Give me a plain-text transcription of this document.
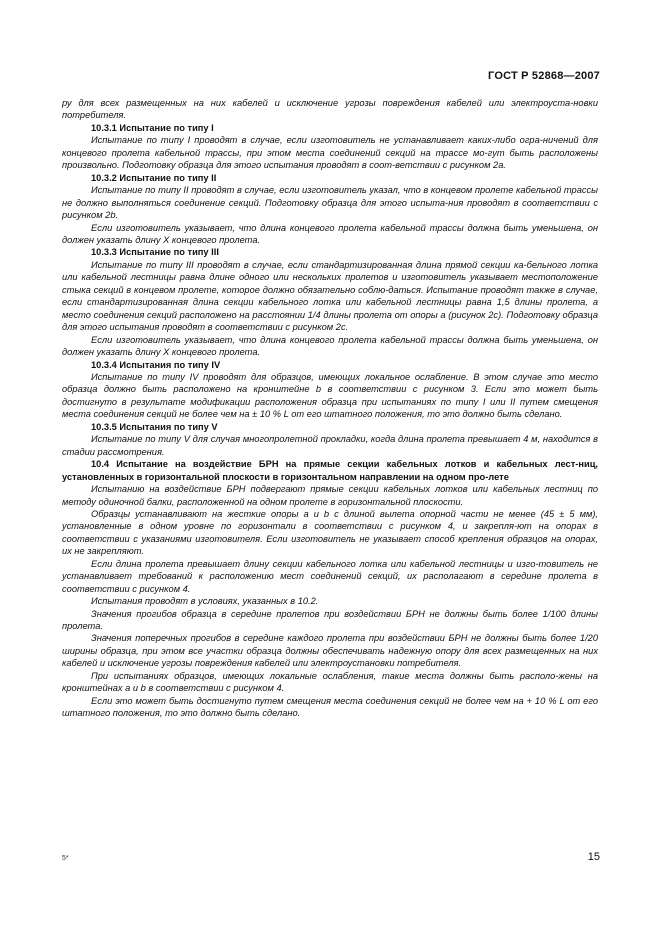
ГОСТ Р 52868—2007

ру для всех размещенных на них кабелей и исключение угрозы повреждения кабелей или электроуста-новки потребителя.

10.3.1 Испытание по типу I

Испытание по типу I проводят в случае, если изготовитель не устанавливает каких-либо огра-ничений для концевого пролета кабельной трассы, при этом места соединений секций на трассе мо-гут быть расположены произвольно. Подготовку образца для этого испытания проводят в соот-ветствии с рисунком 2а.

10.3.2 Испытание по типу II

Испытание по типу II проводят в случае, если изготовитель указал, что в концевом пролете кабельной трассы не должно выполняться соединение секций. Подготовку образца для этого испыта-ния проводят в соответствии с рисунком 2b.

Если изготовитель указывает, что длина концевого пролета кабельной трассы должна быть уменьшена, он должен указать длину X концевого пролета.

10.3.3 Испытание по типу III

Испытание по типу III проводят в случае, если стандартизированная длина прямой секции ка-бельного лотка или кабельной лестницы равна длине одного или нескольких пролетов и изготовитель указывает местоположение стыка секций в концевом пролете, которое должно обязательно соблю-даться. Испытание проводят также в случае, если стандартизированная длина секции кабельного лотка или кабельной лестницы равна 1,5 длины пролета, а место соединения секций расположено на расстоянии 1/4 длины пролета от опоры a (рисунок 2c). Подготовку образца для этого испытания проводят в соответствии с рисунком 2c.

Если изготовитель указывает, что длина концевого пролета кабельной трассы должна быть уменьшена, он должен указать длину X концевого пролета.

10.3.4 Испытания по типу IV

Испытание по типу IV проводят для образцов, имеющих локальное ослабление. В этом случае это место образца должно быть расположено на кронштейне b в соответствии с рисунком 3. Если это может быть достигнуто в результате модификации расположения образца при испытаниях по типу I или II путем смещения места соединения секций не более чем на ± 10 % L от его штатного положения, то это должно быть сделано.

10.3.5 Испытания по типу V

Испытание по типу V для случая многопролетной прокладки, когда длина пролета превышает 4 м, находится в стадии рассмотрения.

10.4 Испытание на воздействие БРН на прямые секции кабельных лотков и кабельных лест-ниц, установленных в горизонтальной плоскости в горизонтальном направлении на одном про-лете

Испытанию на воздействие БРН подвергают прямые секции кабельных лотков или кабельных лестниц по методу одиночной балки, расположенной на одном пролете в горизонтальной плоскости.

Образцы устанавливают на жесткие опоры a и b с длиной вылета опорной части не менее (45 ± 5 мм), установленные в одном уровне по горизонтали в соответствии с рисунком 4, и закрепля-ют на опорах в соответствии с указаниями изготовителя. Если изготовитель не указывает способ крепления образцов на опорах, их не закрепляют.

Если длина пролета превышает длину секции кабельного лотка или кабельной лестницы и изго-товитель не устанавливает требований к расположению мест соединений секций, их располагают в середине пролета в соответствии с рисунком 4.

Испытания проводят в условиях, указанных в 10.2.

Значения прогибов образца в середине пролетов при воздействии БРН не должны быть более 1/100 длины пролета.

Значения поперечных прогибов в середине каждого пролета при воздействии БРН не должны быть более 1/20 ширины образца, при этом все участки образца должны обеспечивать надежную опору для всех размещенных на них кабелей и исключение угрозы повреждения кабелей или электроустановки потребителя.

При испытаниях образцов, имеющих локальные ослабления, такие места должны быть располо-жены на кронштейнах a и b в соответствии с рисунком 4.

Если это может быть достигнуто путем смещения места соединения секций не более чем на + 10 % L от его штатного положения, то это должно быть сделано.

5*	15
